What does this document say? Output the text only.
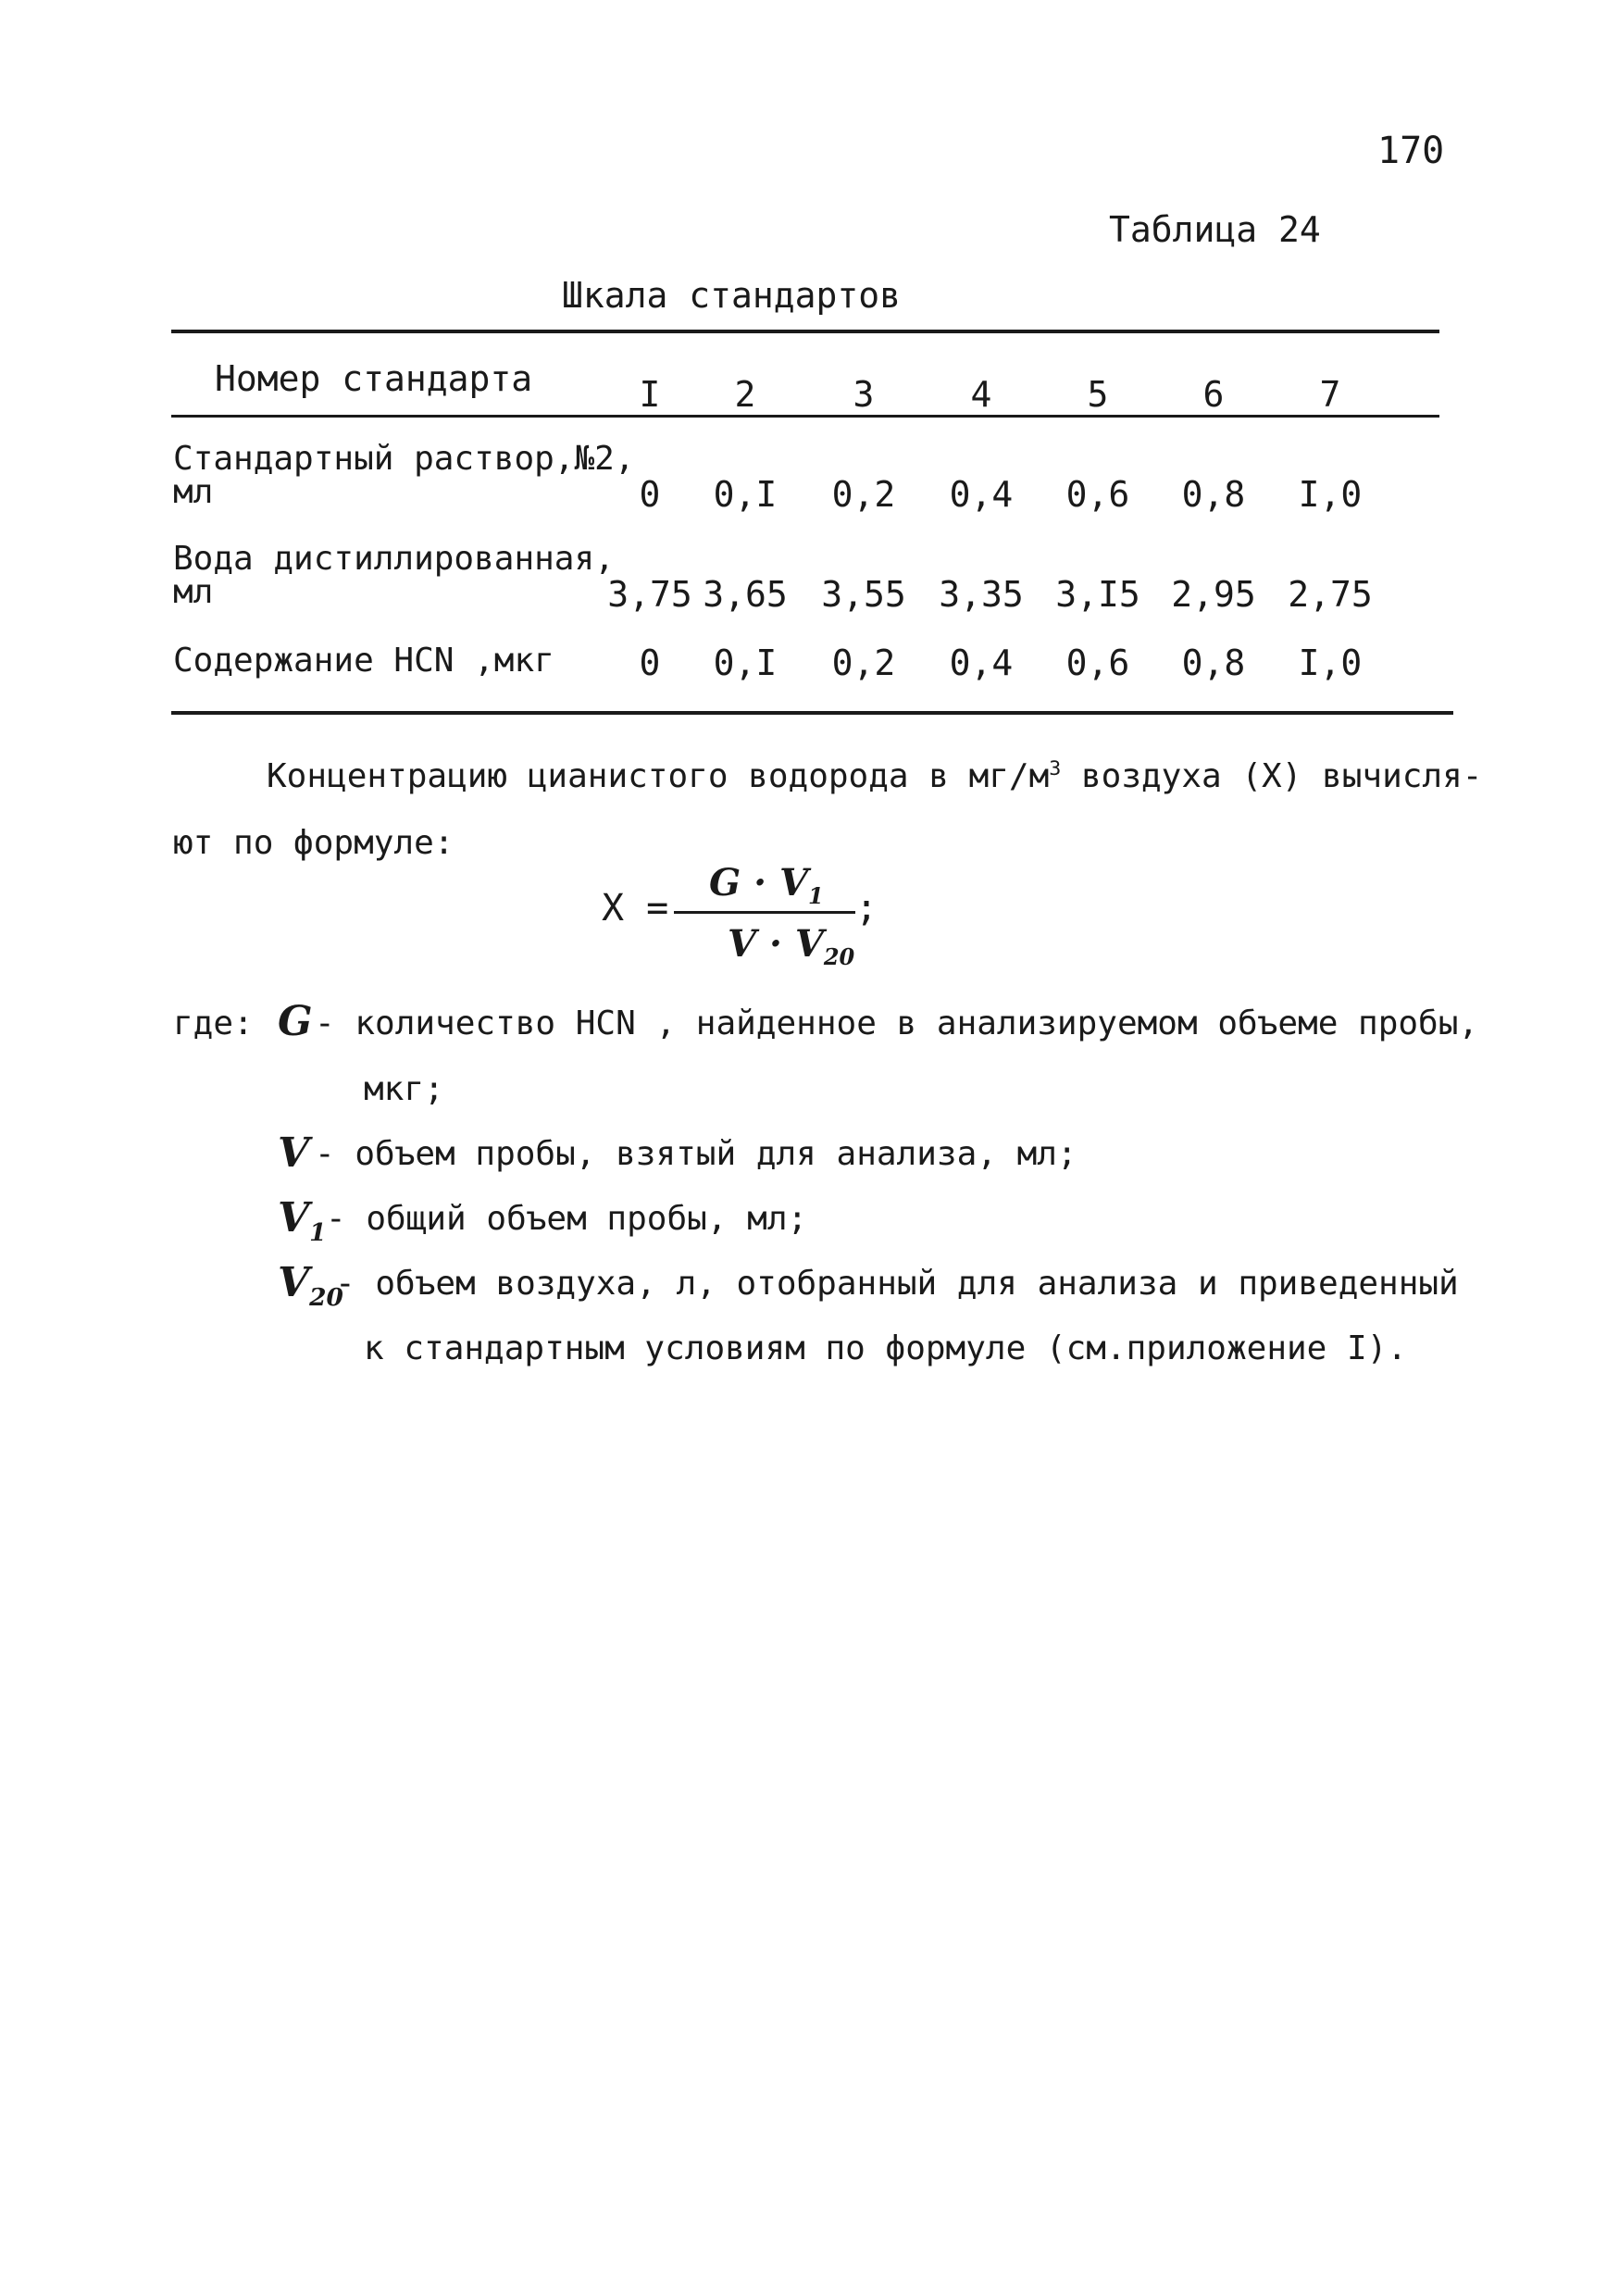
170
Таблица 24
Шкала стандартов
Номер стандарта	I	2	3	4	5	6	7
Стандартный раствор,№2,
мл	0	0,I	0,2	0,4	0,6	0,8	I,0
Вода дистиллированная,
мл	3,75 3,65 3,55 3,35 3,I5 2,95 2,75
Содержание HCN ,мкг	0	0,I	0,2	0,4	0,6	0,8	I,0
Концентрацию цианистого водорода в $мг/м^3$ воздуха (X) вычисля-
ют по формуле:
X =
$G \cdot V_1$
$V \cdot V_{20}$
;
где: G - количество HCN , найденное в анализируемом объеме пробы,
мкг;
V - объем пробы, взятый для анализа, мл;
$V_1$ - общий объем пробы, мл;
$V_{20}$
- объем воздуха, л, отобранный для анализа и приведенный
к стандартным условиям по формуле (см.приложение I).
